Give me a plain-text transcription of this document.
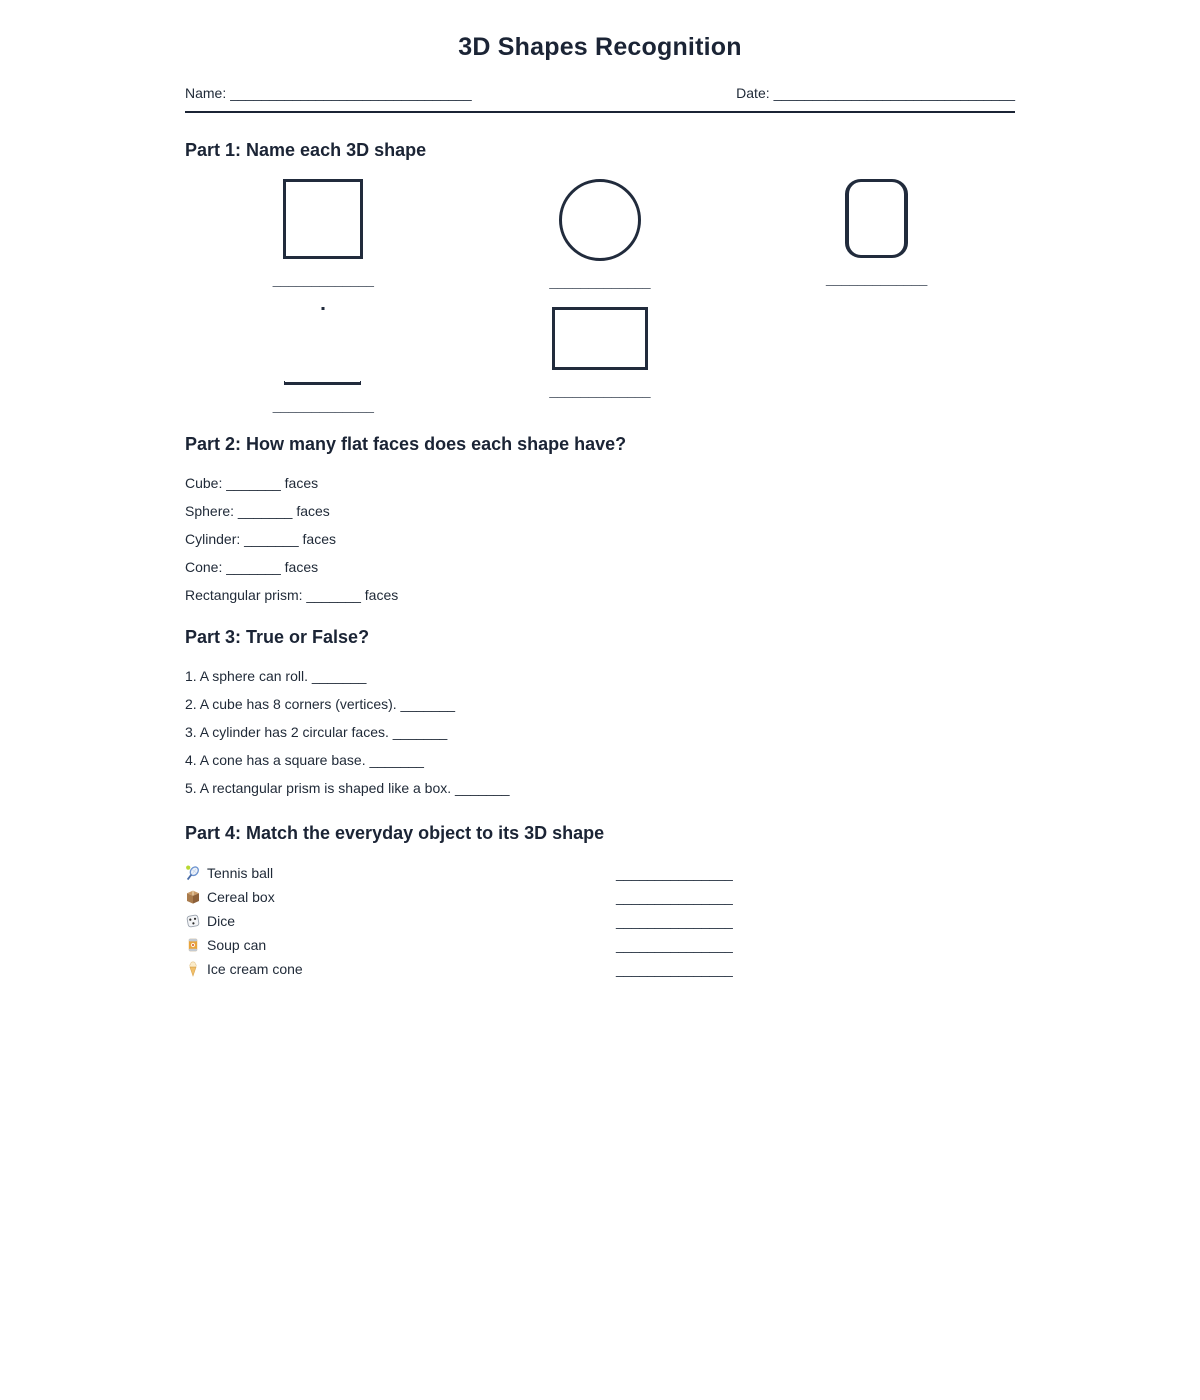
3D Shapes Recognition
Name: _______________________________	Date: _______________________________
Part 1: Name each 3D shape
_____________	_____________	_____________
_____________
_____________
Part 2: How many flat faces does each shape have?

Cube: _______ faces

Sphere: _______ faces

Cylinder: _______ faces

Cone: _______ faces

Rectangular prism: _______ faces

Part 3: True or False?

1. A sphere can roll. _______

2. A cube has 8 corners (vertices). _______

3. A cylinder has 2 circular faces. _______

4. A cone has a square base. _______

5. A rectangular prism is shaped like a box. _______

Part 4: Match the everyday object to its 3D shape
Tennis ball	_______________
Cereal box	_______________
Dice	_______________
Soup can	_______________
Ice cream cone	_______________
